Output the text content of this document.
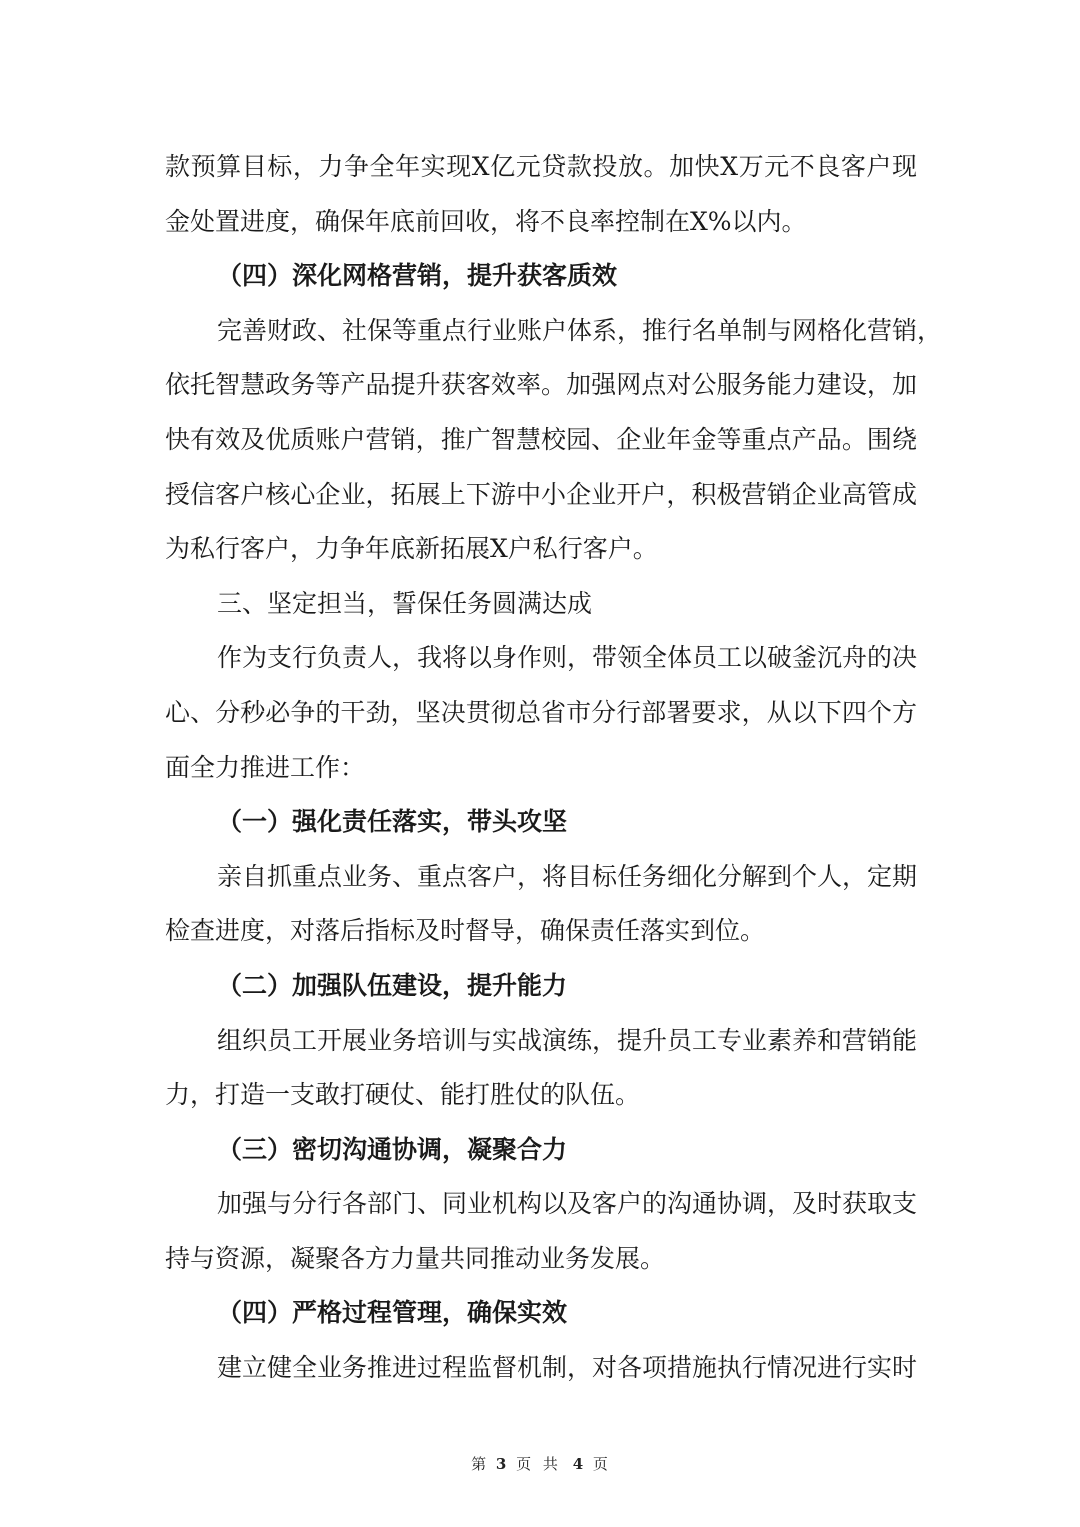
款预算目标，力争全年实现X亿元贷款投放。加快X万元不良客户现
金处置进度，确保年底前回收，将不良率控制在X%以内。
（四）深化网格营销，提升获客质效
完善财政、社保等重点行业账户体系，推行名单制与网格化营销，
依托智慧政务等产品提升获客效率。加强网点对公服务能力建设，加
快有效及优质账户营销，推广智慧校园、企业年金等重点产品。围绕
授信客户核心企业，拓展上下游中小企业开户，积极营销企业高管成
为私行客户，力争年底新拓展X户私行客户。
三、坚定担当，誓保任务圆满达成
作为支行负责人，我将以身作则，带领全体员工以破釜沉舟的决
心、分秒必争的干劲，坚决贯彻总省市分行部署要求，从以下四个方
面全力推进工作：
（一）强化责任落实，带头攻坚
亲自抓重点业务、重点客户，将目标任务细化分解到个人，定期
检查进度，对落后指标及时督导，确保责任落实到位。
（二）加强队伍建设，提升能力
组织员工开展业务培训与实战演练，提升员工专业素养和营销能
力，打造一支敢打硬仗、能打胜仗的队伍。
（三）密切沟通协调，凝聚合力
加强与分行各部门、同业机构以及客户的沟通协调，及时获取支
持与资源，凝聚各方力量共同推动业务发展。
（四）严格过程管理，确保实效
建立健全业务推进过程监督机制，对各项措施执行情况进行实时
第 3 页 共 4 页
